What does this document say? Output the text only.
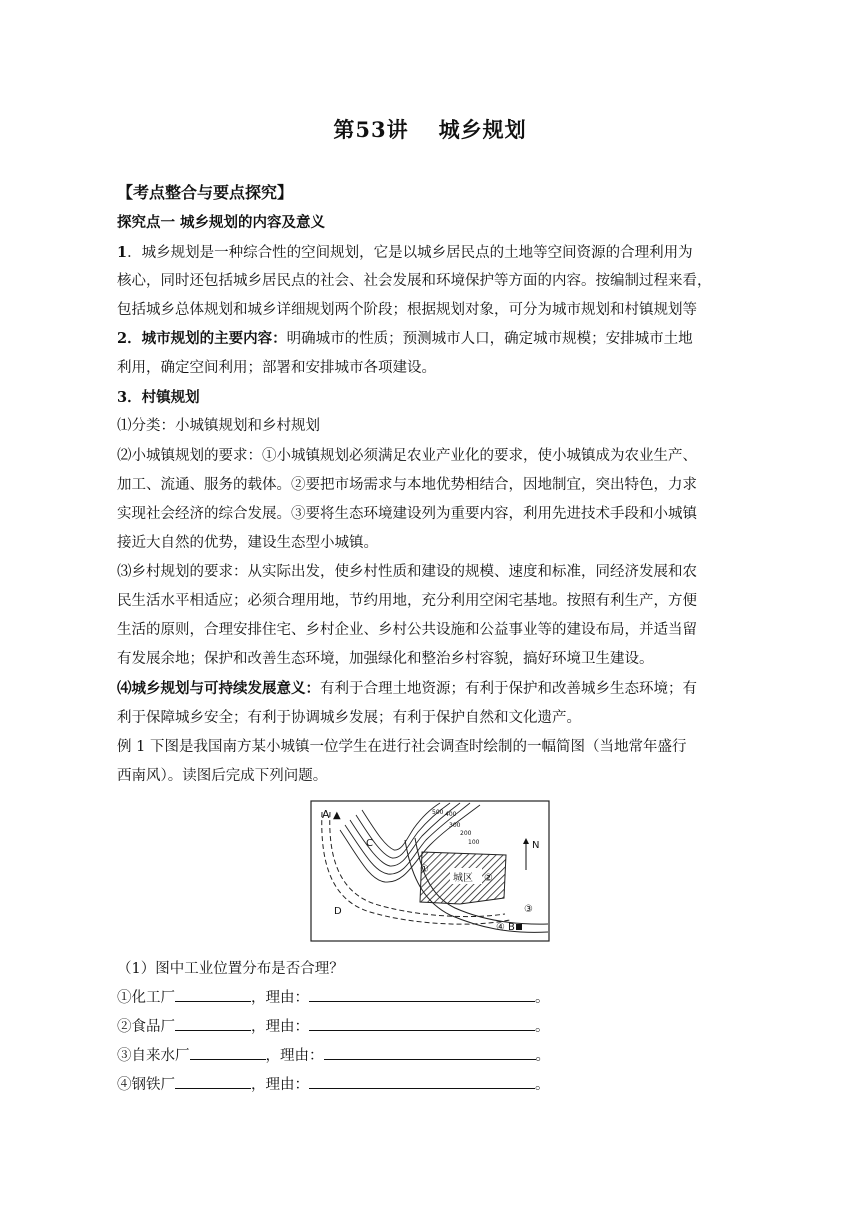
第53讲 城乡规划
【考点整合与要点探究】
探究点一 城乡规划的内容及意义
1．城乡规划是一种综合性的空间规划，它是以城乡居民点的土地等空间资源的合理利用为
核心，同时还包括城乡居民点的社会、社会发展和环境保护等方面的内容。按编制过程来看，
包括城乡总体规划和城乡详细规划两个阶段；根据规划对象，可分为城市规划和村镇规划等
2．城市规划的主要内容：明确城市的性质；预测城市人口，确定城市规模；安排城市土地
利用，确定空间利用；部署和安排城市各项建设。
3．村镇规划
⑴分类：小城镇规划和乡村规划
⑵小城镇规划的要求：①小城镇规划必须满足农业产业化的要求，使小城镇成为农业生产、
加工、流通、服务的载体。②要把市场需求与本地优势相结合，因地制宜，突出特色，力求
实现社会经济的综合发展。③要将生态环境建设列为重要内容，利用先进技术手段和小城镇
接近大自然的优势，建设生态型小城镇。
⑶乡村规划的要求：从实际出发，使乡村性质和建设的规模、速度和标准，同经济发展和农
民生活水平相适应；必须合理用地，节约用地，充分利用空闲宅基地。按照有利生产，方便
生活的原则，合理安排住宅、乡村企业、乡村公共设施和公益事业等的建设布局，并适当留
有发展余地；保护和改善生态环境，加强绿化和整治乡村容貌，搞好环境卫生建设。
⑷城乡规划与可持续发展意义：有利于合理土地资源；有利于保护和改善城乡生态环境；有
利于保障城乡安全；有利于协调城乡发展；有利于保护自然和文化遗产。
例 1 下图是我国南方某小城镇一位学生在进行社会调查时绘制的一幅简图（当地常年盛行
西南风）。读图后完成下列问题。
A ▲
C
D
B
城区
①
②
③
④
500 400
300
200
100	N
（1）图中工业位置分布是否合理？
①化工厂	，理由：	。
②食品厂	，理由：	。
③自来水厂	，理由：	。
④钢铁厂	，理由：	。
